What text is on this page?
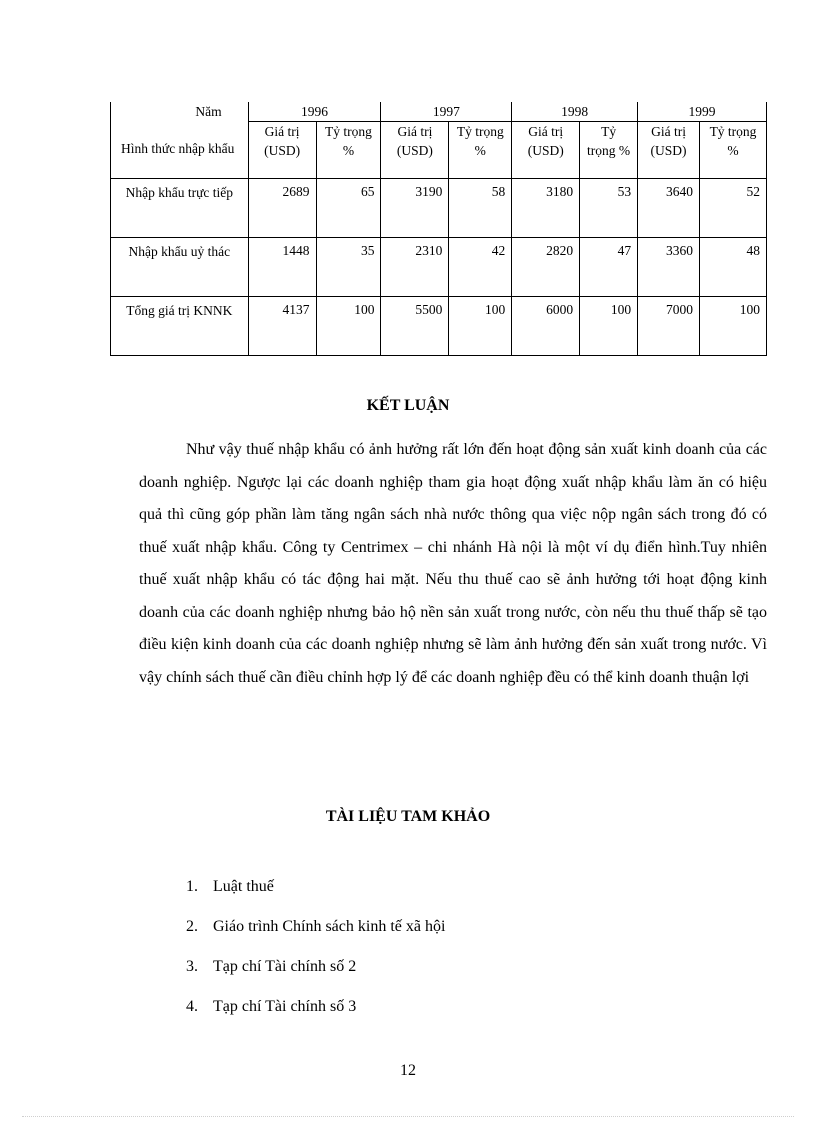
Năm
Hình thức nhập khẩu	1996		1997		1998		1999	
	Giá trị (USD)	Tỷ trọng %	Giá trị (USD)	Tỷ trọng %	Giá trị (USD)	Tỷ trọng %	Giá trị (USD)	Tỷ trọng %
Nhập khẩu trực tiếp	2689	65	3190	58	3180	53	3640	52
Nhập khẩu uỷ thác	1448	35	2310	42	2820	47	3360	48
Tổng giá trị KNNK	4137	100	5500	100	6000	100	7000	100
KẾT LUẬN
Như vậy thuế nhập khẩu có ảnh hưởng rất lớn đến hoạt động sản xuất kinh doanh của các doanh nghiệp. Ngược lại các doanh nghiệp tham gia hoạt động xuất nhập khẩu làm ăn có hiệu quả thì cũng góp phần làm tăng ngân sách nhà nước thông qua việc nộp ngân sách trong đó có thuế xuất nhập khẩu. Công ty Centrimex – chi nhánh Hà nội là một ví dụ điển hình.Tuy nhiên thuế xuất nhập khẩu có tác động hai mặt. Nếu thu thuế cao sẽ ảnh hưởng tới hoạt động kinh doanh của các doanh nghiệp nhưng bảo hộ nền sản xuất trong nước, còn nếu thu thuế thấp sẽ tạo điều kiện kinh doanh của các doanh nghiệp nhưng sẽ làm ảnh hưởng đến sản xuất trong nước. Vì vậy chính sách thuế cần điều chỉnh hợp lý để các doanh nghiệp đều có thể kinh doanh thuận lợi
TÀI LIỆU TAM KHẢO
1. Luật thuế
2. Giáo trình Chính sách kinh tế xã hội
3. Tạp chí Tài chính số 2
4. Tạp chí Tài chính số 3
12
